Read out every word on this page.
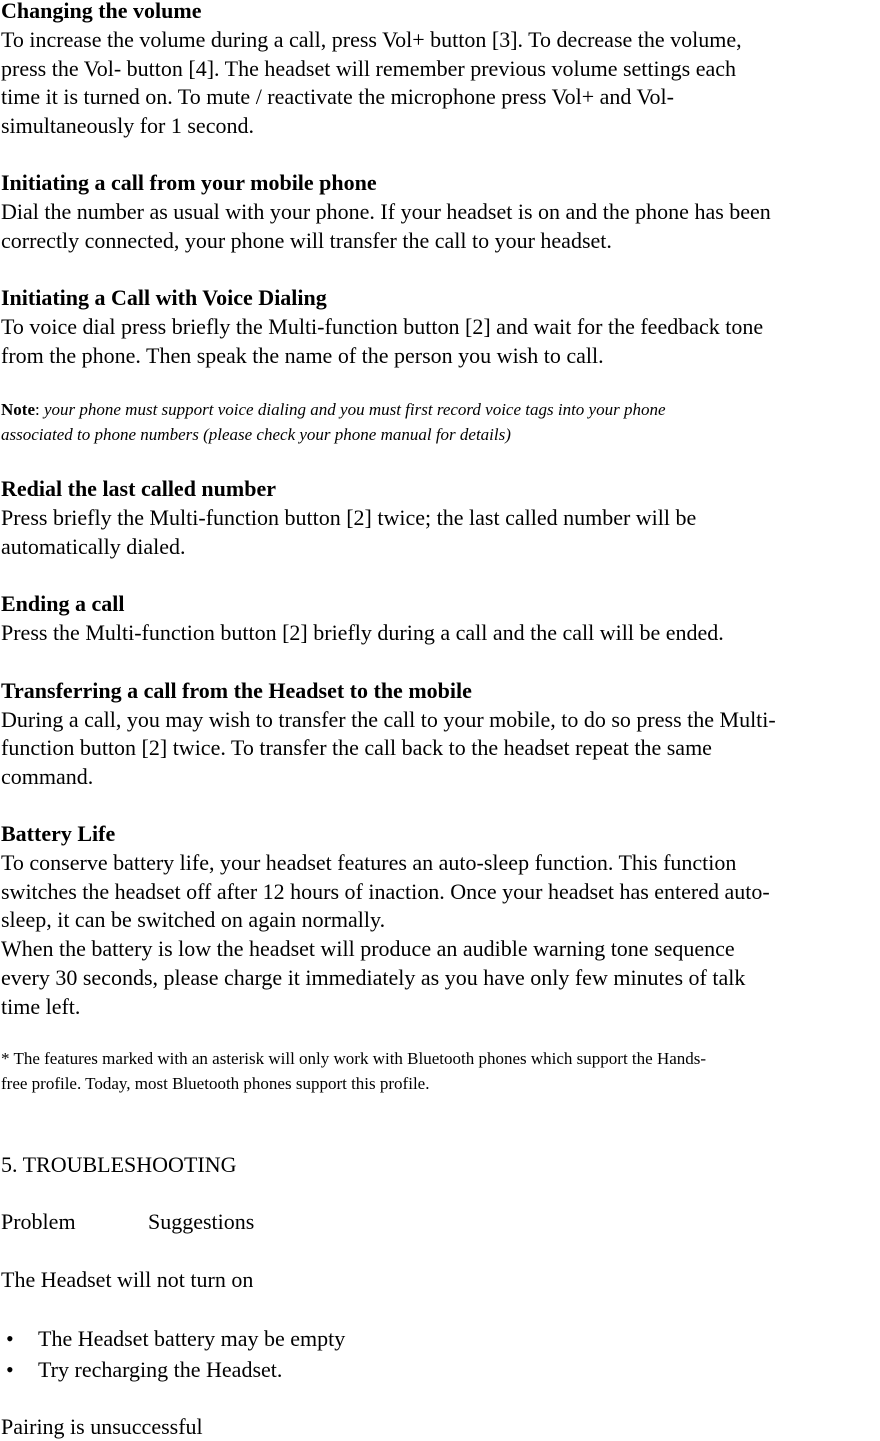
Changing the volume
To increase the volume during a call, press Vol+ button [3]. To decrease the volume,
press the Vol- button [4]. The headset will remember previous volume settings each
time it is turned on. To mute / reactivate the microphone press Vol+ and Vol-
simultaneously for 1 second.
Initiating a call from your mobile phone
Dial the number as usual with your phone. If your headset is on and the phone has been
correctly connected, your phone will transfer the call to your headset.
Initiating a Call with Voice Dialing
To voice dial press briefly the Multi-function button [2] and wait for the feedback tone
from the phone. Then speak the name of the person you wish to call.
Note: your phone must support voice dialing and you must first record voice tags into your phone
associated to phone numbers (please check your phone manual for details)
Redial the last called number
Press briefly the Multi-function button [2] twice; the last called number will be
automatically dialed.
Ending a call
Press the Multi-function button [2] briefly during a call and the call will be ended.
Transferring a call from the Headset to the mobile
During a call, you may wish to transfer the call to your mobile, to do so press the Multi-
function button [2] twice. To transfer the call back to the headset repeat the same
command.
Battery Life
To conserve battery life, your headset features an auto-sleep function. This function
switches the headset off after 12 hours of inaction. Once your headset has entered auto-
sleep, it can be switched on again normally.
When the battery is low the headset will produce an audible warning tone sequence
every 30 seconds, please charge it immediately as you have only few minutes of talk
time left.
* The features marked with an asterisk will only work with Bluetooth phones which support the Hands-
free profile. Today, most Bluetooth phones support this profile.
5. TROUBLESHOOTING
Problem	Suggestions
The Headset will not turn on
• The Headset battery may be empty
• Try recharging the Headset.
Pairing is unsuccessful
